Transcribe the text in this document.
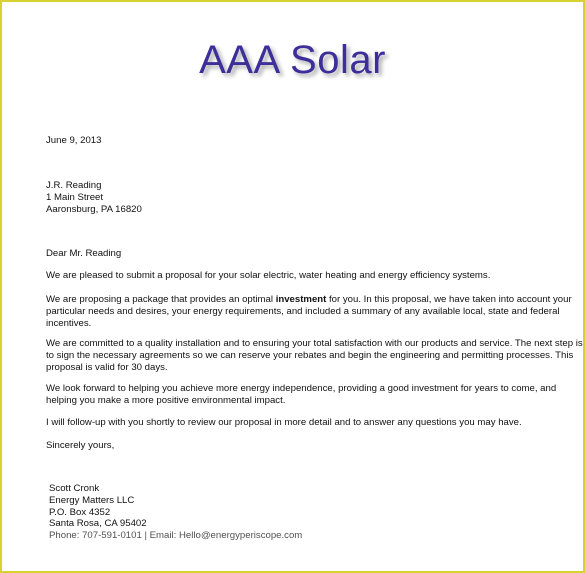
AAA Solar
June 9, 2013
J.R. Reading
1 Main Street
Aaronsburg, PA 16820
Dear Mr. Reading
We are pleased to submit a proposal for your solar electric, water heating and energy efficiency systems.
We are proposing a package that provides an optimal investment for you. In this proposal, we have taken into account your
particular needs and desires, your energy requirements, and included a summary of any available local, state and federal
incentives.
We are committed to a quality installation and to ensuring your total satisfaction with our products and service. The next step is
to sign the necessary agreements so we can reserve your rebates and begin the engineering and permitting processes. This
proposal is valid for 30 days.
We look forward to helping you achieve more energy independence, providing a good investment for years to come, and
helping you make a more positive environmental impact.
I will follow-up with you shortly to review our proposal in more detail and to answer any questions you may have.
Sincerely yours,
Scott Cronk
Energy Matters LLC
P.O. Box 4352
Santa Rosa, CA 95402
Phone: 707-591-0101 | Email: Hello@energyperiscope.com
